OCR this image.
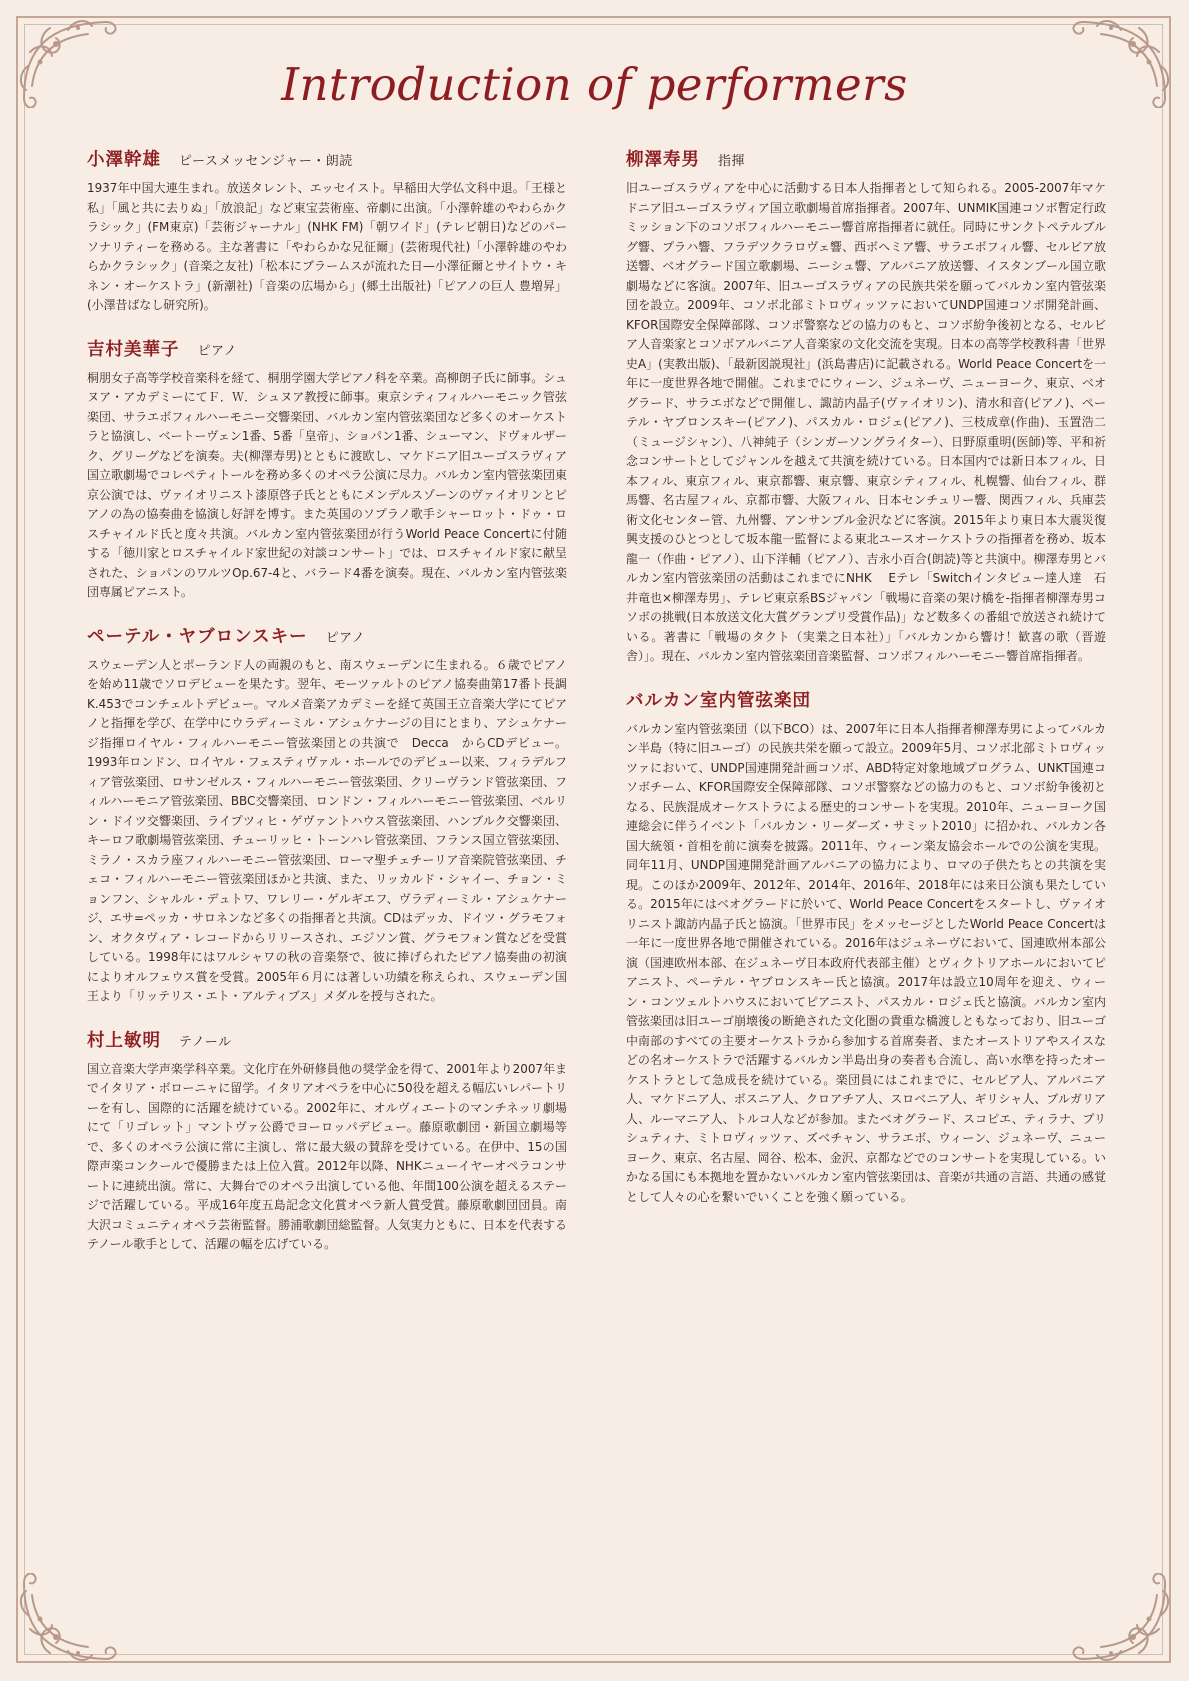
Introduction of performers
小澤幹雄 ピースメッセンジャー・朗読

1937年中国大連生まれ。放送タレント、エッセイスト。早稲田大学仏文科中退。「王様と私」「風と共に去りぬ」「放浪記」など東宝芸術座、帝劇に出演。「小澤幹雄のやわらかクラシック」(FM東京)「芸術ジャーナル」(NHK FM)「朝ワイド」(テレビ朝日)などのパーソナリティーを務める。主な著書に「やわらかな兄征爾」(芸術現代社)「小澤幹雄のやわらかクラシック」(音楽之友社)「松本にブラームスが流れた日—小澤征爾とサイトウ・キネン・オーケストラ」(新潮社)「音楽の広場から」(郷土出版社)「ピアノの巨人 豊増昇」(小澤昔ばなし研究所)。

吉村美華子 ピアノ

桐朋女子高等学校音楽科を経て、桐朋学園大学ピアノ科を卒業。高柳朗子氏に師事。シュヌア・アカデミーにてＦ．Ｗ．シュヌア教授に師事。東京シティフィルハーモニック管弦楽団、サラエボフィルハーモニー交響楽団、バルカン室内管弦楽団など多くのオーケストラと協演し、ベートーヴェン1番、5番「皇帝」、ショパン1番、シューマン、ドヴォルザーク、グリーグなどを演奏。夫(柳澤寿男)とともに渡欧し、マケドニア旧ユーゴスラヴィア国立歌劇場でコレペティトールを務め多くのオペラ公演に尽力。バルカン室内管弦楽団東京公演では、ヴァイオリニスト漆原啓子氏とともにメンデルスゾーンのヴァイオリンとピアノの為の協奏曲を協演し好評を博す。また英国のソプラノ歌手シャーロット・ドゥ・ロスチャイルド氏と度々共演。バルカン室内管弦楽団が行うWorld Peace Concertに付随する「徳川家とロスチャイルド家世紀の対談コンサート」では、ロスチャイルド家に献呈された、ショパンのワルツOp.67-4と、バラード4番を演奏。現在、バルカン室内管弦楽団専属ピアニスト。

ペーテル・ヤブロンスキー ピアノ

スウェーデン人とポーランド人の両親のもと、南スウェーデンに生まれる。６歳でピアノを始め11歳でソロデビューを果たす。翌年、モーツァルトのピアノ協奏曲第17番ト長調K.453でコンチェルトデビュー。マルメ音楽アカデミーを経て英国王立音楽大学にてピアノと指揮を学び、在学中にウラディーミル・アシュケナージの目にとまり、アシュケナージ指揮ロイヤル・フィルハーモニー管弦楽団との共演で　Decca　からCDデビュー。1993年ロンドン、ロイヤル・フェスティヴァル・ホールでのデビュー以来、フィラデルフィア管弦楽団、ロサンゼルス・フィルハーモニー管弦楽団、クリーヴランド管弦楽団、フィルハーモニア管弦楽団、BBC交響楽団、ロンドン・フィルハーモニー管弦楽団、ベルリン・ドイツ交響楽団、ライプツィヒ・ゲヴァントハウス管弦楽団、ハンブルク交響楽団、キーロフ歌劇場管弦楽団、チューリッヒ・トーンハレ管弦楽団、フランス国立管弦楽団、ミラノ・スカラ座フィルハーモニー管弦楽団、ローマ聖チェチーリア音楽院管弦楽団、チェコ・フィルハーモニー管弦楽団ほかと共演、また、リッカルド・シャイー、チョン・ミョンフン、シャルル・デュトワ、ワレリー・ゲルギエフ、ヴラディーミル・アシュケナージ、エサ=ペッカ・サロネンなど多くの指揮者と共演。CDはデッカ、ドイツ・グラモフォン、オクタヴィア・レコードからリリースされ、エジソン賞、グラモフォン賞などを受賞している。1998年にはワルシャワの秋の音楽祭で、彼に捧げられたピアノ協奏曲の初演によりオルフェウス賞を受賞。2005年６月には著しい功績を称えられ、スウェーデン国王より「リッテリス・エト・アルティブス」メダルを授与された。

村上敏明 テノール

国立音楽大学声楽学科卒業。文化庁在外研修員他の奨学金を得て、2001年より2007年までイタリア・ボローニャに留学。イタリアオペラを中心に50役を超える幅広いレパートリーを有し、国際的に活躍を続けている。2002年に、オルヴィエートのマンチネッリ劇場にて「リゴレット」マントヴァ公爵でヨーロッパデビュー。藤原歌劇団・新国立劇場等で、多くのオペラ公演に常に主演し、常に最大級の賛辞を受けている。在伊中、15の国際声楽コンクールで優勝または上位入賞。2012年以降、NHKニューイヤーオペラコンサートに連続出演。常に、大舞台でのオペラ出演している他、年間100公演を超えるステージで活躍している。平成16年度五島記念文化賞オペラ新人賞受賞。藤原歌劇団団員。南大沢コミュニティオペラ芸術監督。勝浦歌劇団総監督。人気実力ともに、日本を代表するテノール歌手として、活躍の幅を広げている。

柳澤寿男 指揮

旧ユーゴスラヴィアを中心に活動する日本人指揮者として知られる。2005-2007年マケドニア旧ユーゴスラヴィア国立歌劇場首席指揮者。2007年、UNMIK国連コソボ暫定行政ミッション下のコソボフィルハーモニー響首席指揮者に就任。同時にサンクトペテルブルグ響、プラハ響、フラデツクラロヴェ響、西ボヘミア響、サラエボフィル響、セルビア放送響、ベオグラード国立歌劇場、ニーシュ響、アルバニア放送響、イスタンブール国立歌劇場などに客演。2007年、旧ユーゴスラヴィアの民族共栄を願ってバルカン室内管弦楽団を設立。2009年、コソボ北部ミトロヴィッツァにおいてUNDP国連コソボ開発計画、KFOR国際安全保障部隊、コソボ警察などの協力のもと、コソボ紛争後初となる、セルビア人音楽家とコソボアルバニア人音楽家の文化交流を実現。日本の高等学校教科書「世界史A」(実教出版)、「最新図説現社」(浜島書店)に記載される。World Peace Concertを一年に一度世界各地で開催。これまでにウィーン、ジュネーヴ、ニューヨーク、東京、ベオグラード、サラエボなどで開催し、諏訪内晶子(ヴァイオリン)、清水和音(ピアノ)、ペーテル・ヤブロンスキー(ピアノ)、パスカル・ロジェ(ピアノ)、三枝成章(作曲)、玉置浩二（ミュージシャン）、八神純子（シンガーソングライター）、日野原重明(医師)等、平和祈念コンサートとしてジャンルを越えて共演を続けている。日本国内では新日本フィル、日本フィル、東京フィル、東京都響、東京響、東京シティフィル、札幌響、仙台フィル、群馬響、名古屋フィル、京都市響、大阪フィル、日本センチュリー響、関西フィル、兵庫芸術文化センター管、九州響、アンサンブル金沢などに客演。2015年より東日本大震災復興支援のひとつとして坂本龍一監督による東北ユースオーケストラの指揮者を務め、坂本龍一（作曲・ピアノ）、山下洋輔（ピアノ）、吉永小百合(朗読)等と共演中。柳澤寿男とバルカン室内管弦楽団の活動はこれまでにNHK　 Eテレ「Switchインタビュー達人達　石井竜也×柳澤寿男」、テレビ東京系BSジャパン「戦場に音楽の架け橋を-指揮者柳澤寿男コソボの挑戦(日本放送文化大賞グランプリ受賞作品)」など数多くの番組で放送され続けている。著書に「戦場のタクト（実業之日本社）」「バルカンから響け！歓喜の歌（晋遊舎）」。現在、バルカン室内管弦楽団音楽監督、コソボフィルハーモニー響首席指揮者。

バルカン室内管弦楽団

バルカン室内管弦楽団（以下BCO）は、2007年に日本人指揮者柳澤寿男によってバルカン半島（特に旧ユーゴ）の民族共栄を願って設立。2009年5月、コソボ北部ミトロヴィッツァにおいて、UNDP国連開発計画コソボ、ABD特定対象地域プログラム、UNKT国連コソボチーム、KFOR国際安全保障部隊、コソボ警察などの協力のもと、コソボ紛争後初となる、民族混成オーケストラによる歴史的コンサートを実現。2010年、ニューヨーク国連総会に伴うイベント「バルカン・リーダーズ・サミット2010」に招かれ、バルカン各国大統領・首相を前に演奏を披露。2011年、ウィーン楽友協会ホールでの公演を実現。同年11月、UNDP国連開発計画アルバニアの協力により、ロマの子供たちとの共演を実現。このほか2009年、2012年、2014年、2016年、2018年には来日公演も果たしている。2015年にはベオグラードに於いて、World Peace Concertをスタートし、ヴァイオリニスト諏訪内晶子氏と協演。「世界市民」をメッセージとしたWorld Peace Concertは一年に一度世界各地で開催されている。2016年はジュネーヴにおいて、国連欧州本部公演（国連欧州本部、在ジュネーヴ日本政府代表部主催）とヴィクトリアホールにおいてピアニスト、ペーテル・ヤブロンスキー氏と協演。2017年は設立10周年を迎え、ウィーン・コンツェルトハウスにおいてピアニスト、パスカル・ロジェ氏と協演。バルカン室内管弦楽団は旧ユーゴ崩壊後の断絶された文化圏の貴重な橋渡しともなっており、旧ユーゴ中南部のすべての主要オーケストラから参加する首席奏者、またオーストリアやスイスなどの名オーケストラで活躍するバルカン半島出身の奏者も合流し、高い水準を持ったオーケストラとして急成長を続けている。楽団員にはこれまでに、セルビア人、アルバニア人、マケドニア人、ボスニア人、クロアチア人、スロベニア人、ギリシャ人、ブルガリア人、ルーマニア人、トルコ人などが参加。またベオグラード、スコピエ、ティラナ、プリシュティナ、ミトロヴィッツァ、ズベチャン、サラエボ、ウィーン、ジュネーヴ、ニューヨーク、東京、名古屋、岡谷、松本、金沢、京都などでのコンサートを実現している。いかなる国にも本拠地を置かないバルカン室内管弦楽団は、音楽が共通の言語、共通の感覚として人々の心を繋いでいくことを強く願っている。
